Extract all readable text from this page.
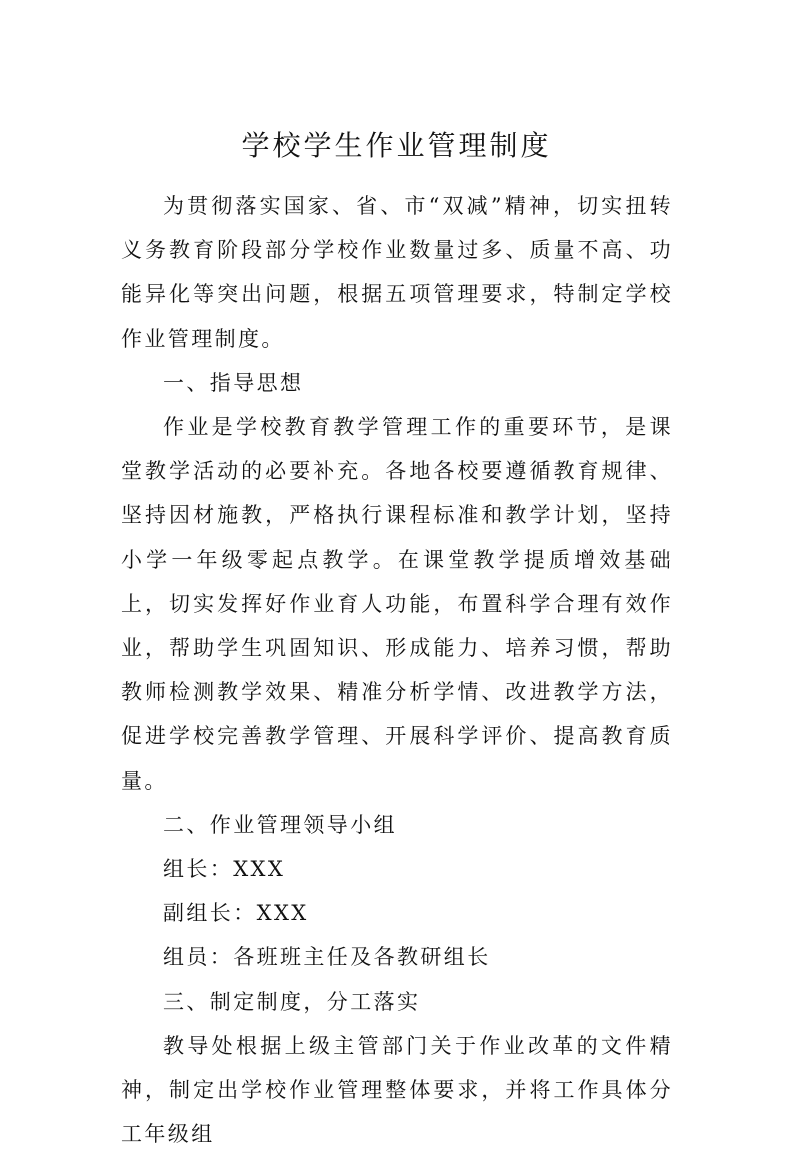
学校学生作业管理制度

为贯彻落实国家、省、市“双减”精神，切实扭转义务教育阶段部分学校作业数量过多、质量不高、功能异化等突出问题，根据五项管理要求，特制定学校作业管理制度。

一、指导思想

作业是学校教育教学管理工作的重要环节，是课堂教学活动的必要补充。各地各校要遵循教育规律、坚持因材施教，严格执行课程标准和教学计划，坚持小学一年级零起点教学。在课堂教学提质增效基础上，切实发挥好作业育人功能，布置科学合理有效作业，帮助学生巩固知识、形成能力、培养习惯，帮助教师检测教学效果、精准分析学情、改进教学方法，促进学校完善教学管理、开展科学评价、提高教育质量。

二、作业管理领导小组

组长：XXX

副组长：XXX

组员：各班班主任及各教研组长

三、制定制度，分工落实

教导处根据上级主管部门关于作业改革的文件精神，制定出学校作业管理整体要求，并将工作具体分工年级组
